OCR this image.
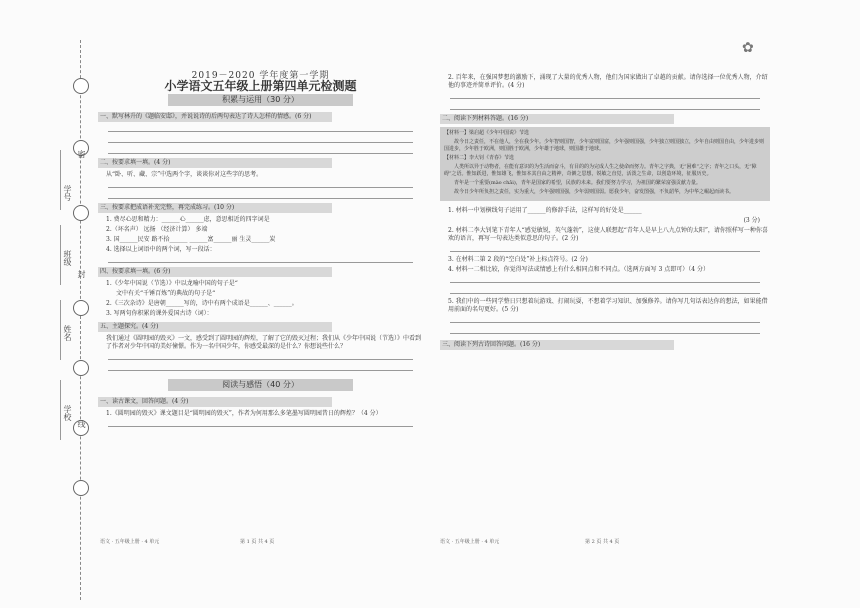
学号
班级
姓名
学校
密
封
线
2019－2020 学年度第一学期
小学语文五年级上册第四单元检测题
积累与运用（30 分）
一、默写林升的《题临安邸》，并说说诗的后两句表达了诗人怎样的情感。(6 分)
二、按要求填一填。(4 分)
从“卧、听、藏、宗”中选两个字，谈谈你对这些字的思考。
三、按要求把成语补充完整，再完成练习。(10 分)
1. 费尽心思和精力：______心______虑，意思相近的四字词是
2.（坏名声） 远扬 （经济计算） 多端
3. 国______民安 路不拾______ ______富______丽 生灵______炭
4. 选择以上词语中的两个词，写一段话：
四、按要求填一填。(6 分)
1.《少年中国说（节选）》中以龙喻中国的句子是“
文中有关“千锤百炼”的典故的句子是“
2.《三次杂诗》是唐朝______写的，诗中有两个成语是______、______。
3. 写两句你积累的课外爱国古诗（词）：
五、主题探究。(4 分)
我们通过《圆明园的毁灭》一文，感受到了圆明园的辉煌，了解了它的毁灭过程；我们从《少年中国说（节选）》中看到了作者对少年中国的美好憧憬。作为一名中国少年，你感受最深的是什么？你想说些什么？
阅读与感悟（40 分）
一、读古课文，回答问题。(4 分)
1.《圆明园的毁灭》课文题目是“圆明园的毁灭”，作者为何用那么多笔墨写圆明园昔日的辉煌？（4 分）
语文 · 五年级上册 · 4 单元	第 1 页 共 4 页
2. 百年来，在强国梦想的激励下，涌现了大量的优秀人物，他们为国家做出了卓越的贡献。请你选择一位优秀人物，介绍他的事迹并简单评价。(4 分)
二、阅读下列材料答题。(16 分)

【材料一】梁启超《少年中国说》节选

故今日之责任，不在他人，全在我少年。少年智则国智，少年富则国富，少年强则国强，少年独立则国独立，少年自由则国自由，少年进步则国进步，少年胜于欧洲，则国胜于欧洲，少年雄于地球，则国雄于地球。

【材料二】李大钊《青春》节选

人类所以异于动物者，在能有意识的为生活而奋斗，有目的的为完成人生之使命而努力。青年之字典，无“困难”之字；青年之口头，无“障碍”之语。惟知跃进，惟知雄飞，惟知本其自由之精神，奇僻之思想，锐敏之直觉，活泼之生命，以创造环境，征服历史。

青年是一个重要(mào chǎi)，青年是国家的希望，民族的未来。我们要努力学习，为祖国的繁荣富强贡献力量。

故今日少年所负担之责任，实为重大，少年强则国强，少年弱则国弱。愿我少年，奋发图强，不负韶华，为中华之崛起而读书。

1. 材料一中划横线句子运用了______的修辞手法，这样写的好处是______
(3 分)
2. 材料二李大钊笔下青年人“感觉敏锐，英气蓬勃”，这使人联想起“青年人是早上八九点钟的太阳”，请你照样写一种你喜欢的语言，再写一句表达类似意思的句子。(2 分)
3. 在材料二第 2 段的“空白处”补上标点符号。(2 分)
4. 材料一二相比较，你觉得写法或情感上有什么相同点和不同点。（选两方面写 3 点即可）（4 分）
5. 我们中的一些同学整日只想着玩游戏、打闹玩耍，不想着学习知识、加强修养。请你写几句话表达你的想法，如果能借用前面的名句更好。(5 分)
三、阅读下列古诗回答问题。(16 分)
语文 · 五年级上册 · 4 单元	第 2 页 共 4 页
✿
